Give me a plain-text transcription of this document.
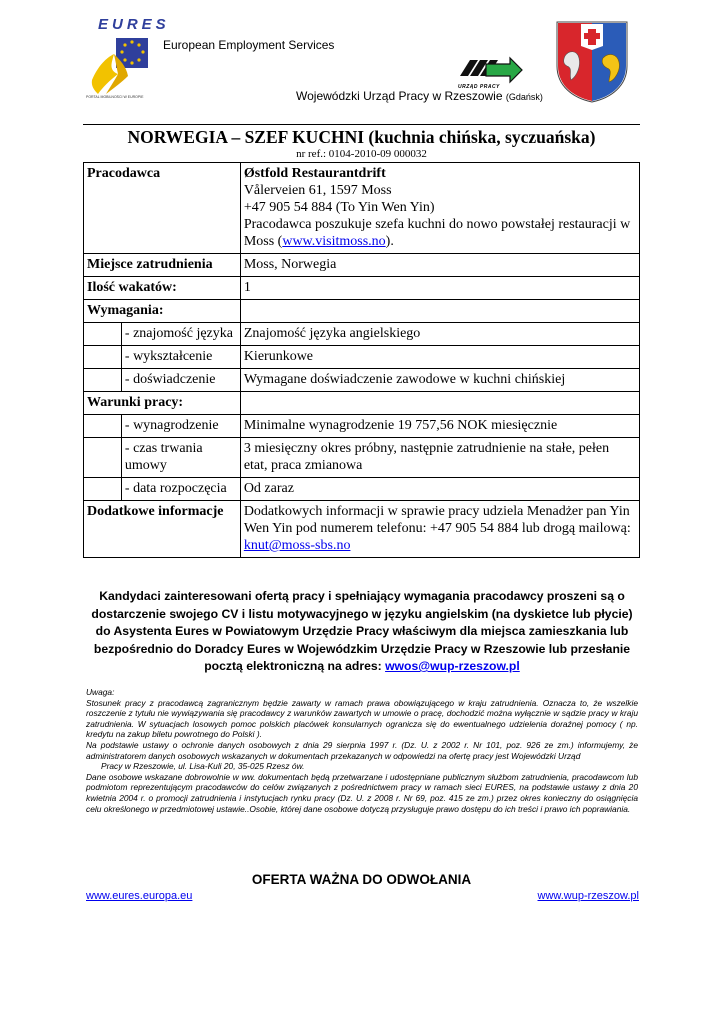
EURES
PORTAL MOBILNOŚCI W EUROPIE
European Employment Services
URZĄD PRACY
Wojewódzki Urząd Pracy w Rzeszowie (Gdańsk)
NORWEGIA – SZEF KUCHNI (kuchnia chińska, syczuańska)
nr ref.: 0104-2010-09 000032
Pracodawca		Østfold Restaurantdrift
Vålerveien 61, 1597 Moss
+47 905 54 884 (To Yin Wen Yin)
Pracodawca poszukuje szefa kuchni do nowo powstałej restauracji w Moss (www.visitmoss.no).

Miejsce zatrudnienia		Moss, Norwegia
Ilość wakatów:		1
Wymagania:		
	- znajomość języka	Znajomość języka angielskiego
	- wykształcenie	Kierunkowe
	- doświadczenie	Wymagane doświadczenie zawodowe w kuchni chińskiej
Warunki pracy:		
	- wynagrodzenie	Minimalne wynagrodzenie 19 757,56 NOK miesięcznie
	- czas trwania umowy	3 miesięczny okres próbny, następnie zatrudnienie na stałe, pełen etat, praca zmianowa
	- data rozpoczęcia	Od zaraz
Dodatkowe informacje		Dodatkowych informacji w sprawie pracy udziela Menadżer pan Yin Wen Yin pod numerem telefonu: +47 905 54 884 lub drogą mailową: knut@moss-sbs.no
Kandydaci zainteresowani ofertą pracy i spełniający wymagania pracodawcy proszeni są o dostarczenie swojego CV i listu motywacyjnego w języku angielskim (na dyskietce lub płycie) do Asystenta Eures w Powiatowym Urzędzie Pracy właściwym dla miejsca zamieszkania lub bezpośrednio do Doradcy Eures w Wojewódzkim Urzędzie Pracy w Rzeszowie lub przesłanie pocztą elektroniczną na adres: wwos@wup-rzeszow.pl

Uwaga:

Stosunek pracy z pracodawcą zagranicznym będzie zawarty w ramach prawa obowiązującego w kraju zatrudnienia. Oznacza to, że wszelkie roszczenie z tytułu nie wywiązywania się pracodawcy z warunków zawartych w umowie o pracę, dochodzić można wyłącznie w sądzie pracy w kraju zatrudnienia. W sytuacjach losowych pomoc polskich placówek konsularnych ogranicza się do ewentualnego udzielenia doraźnej pomocy ( np. kredytu na zakup biletu powrotnego do Polski ).

Na podstawie ustawy o ochronie danych osobowych z dnia 29 sierpnia 1997 r. (Dz. U. z 2002 r. Nr 101, poz. 926 ze zm.) informujemy, że administratorem danych osobowych wskazanych w dokumentach przekazanych w odpowiedzi na ofertę pracy jest Wojewódzki Urząd

Pracy w Rzeszowie, ul. Lisa-Kuli 20, 35-025 Rzesz ów.

Dane osobowe wskazane dobrowolnie w ww. dokumentach będą przetwarzane i udostępniane publicznym służbom zatrudnienia, pracodawcom lub podmiotom reprezentującym pracodawców do celów związanych z pośrednictwem pracy w ramach sieci EURES, na podstawie ustawy z dnia 20 kwietnia 2004 r. o promocji zatrudnienia i instytucjach rynku pracy (Dz. U. z 2008 r. Nr 69, poz. 415 ze zm.) przez okres konieczny do osiągnięcia celu określonego w przedmiotowej ustawie..Osobie, której dane osobowe dotyczą przysługuje prawo dostępu do ich treści i prawo ich poprawiania.

OFERTA WAŻNA DO ODWOŁANIA
www.eures.europa.eu	www.wup-rzeszow.pl
